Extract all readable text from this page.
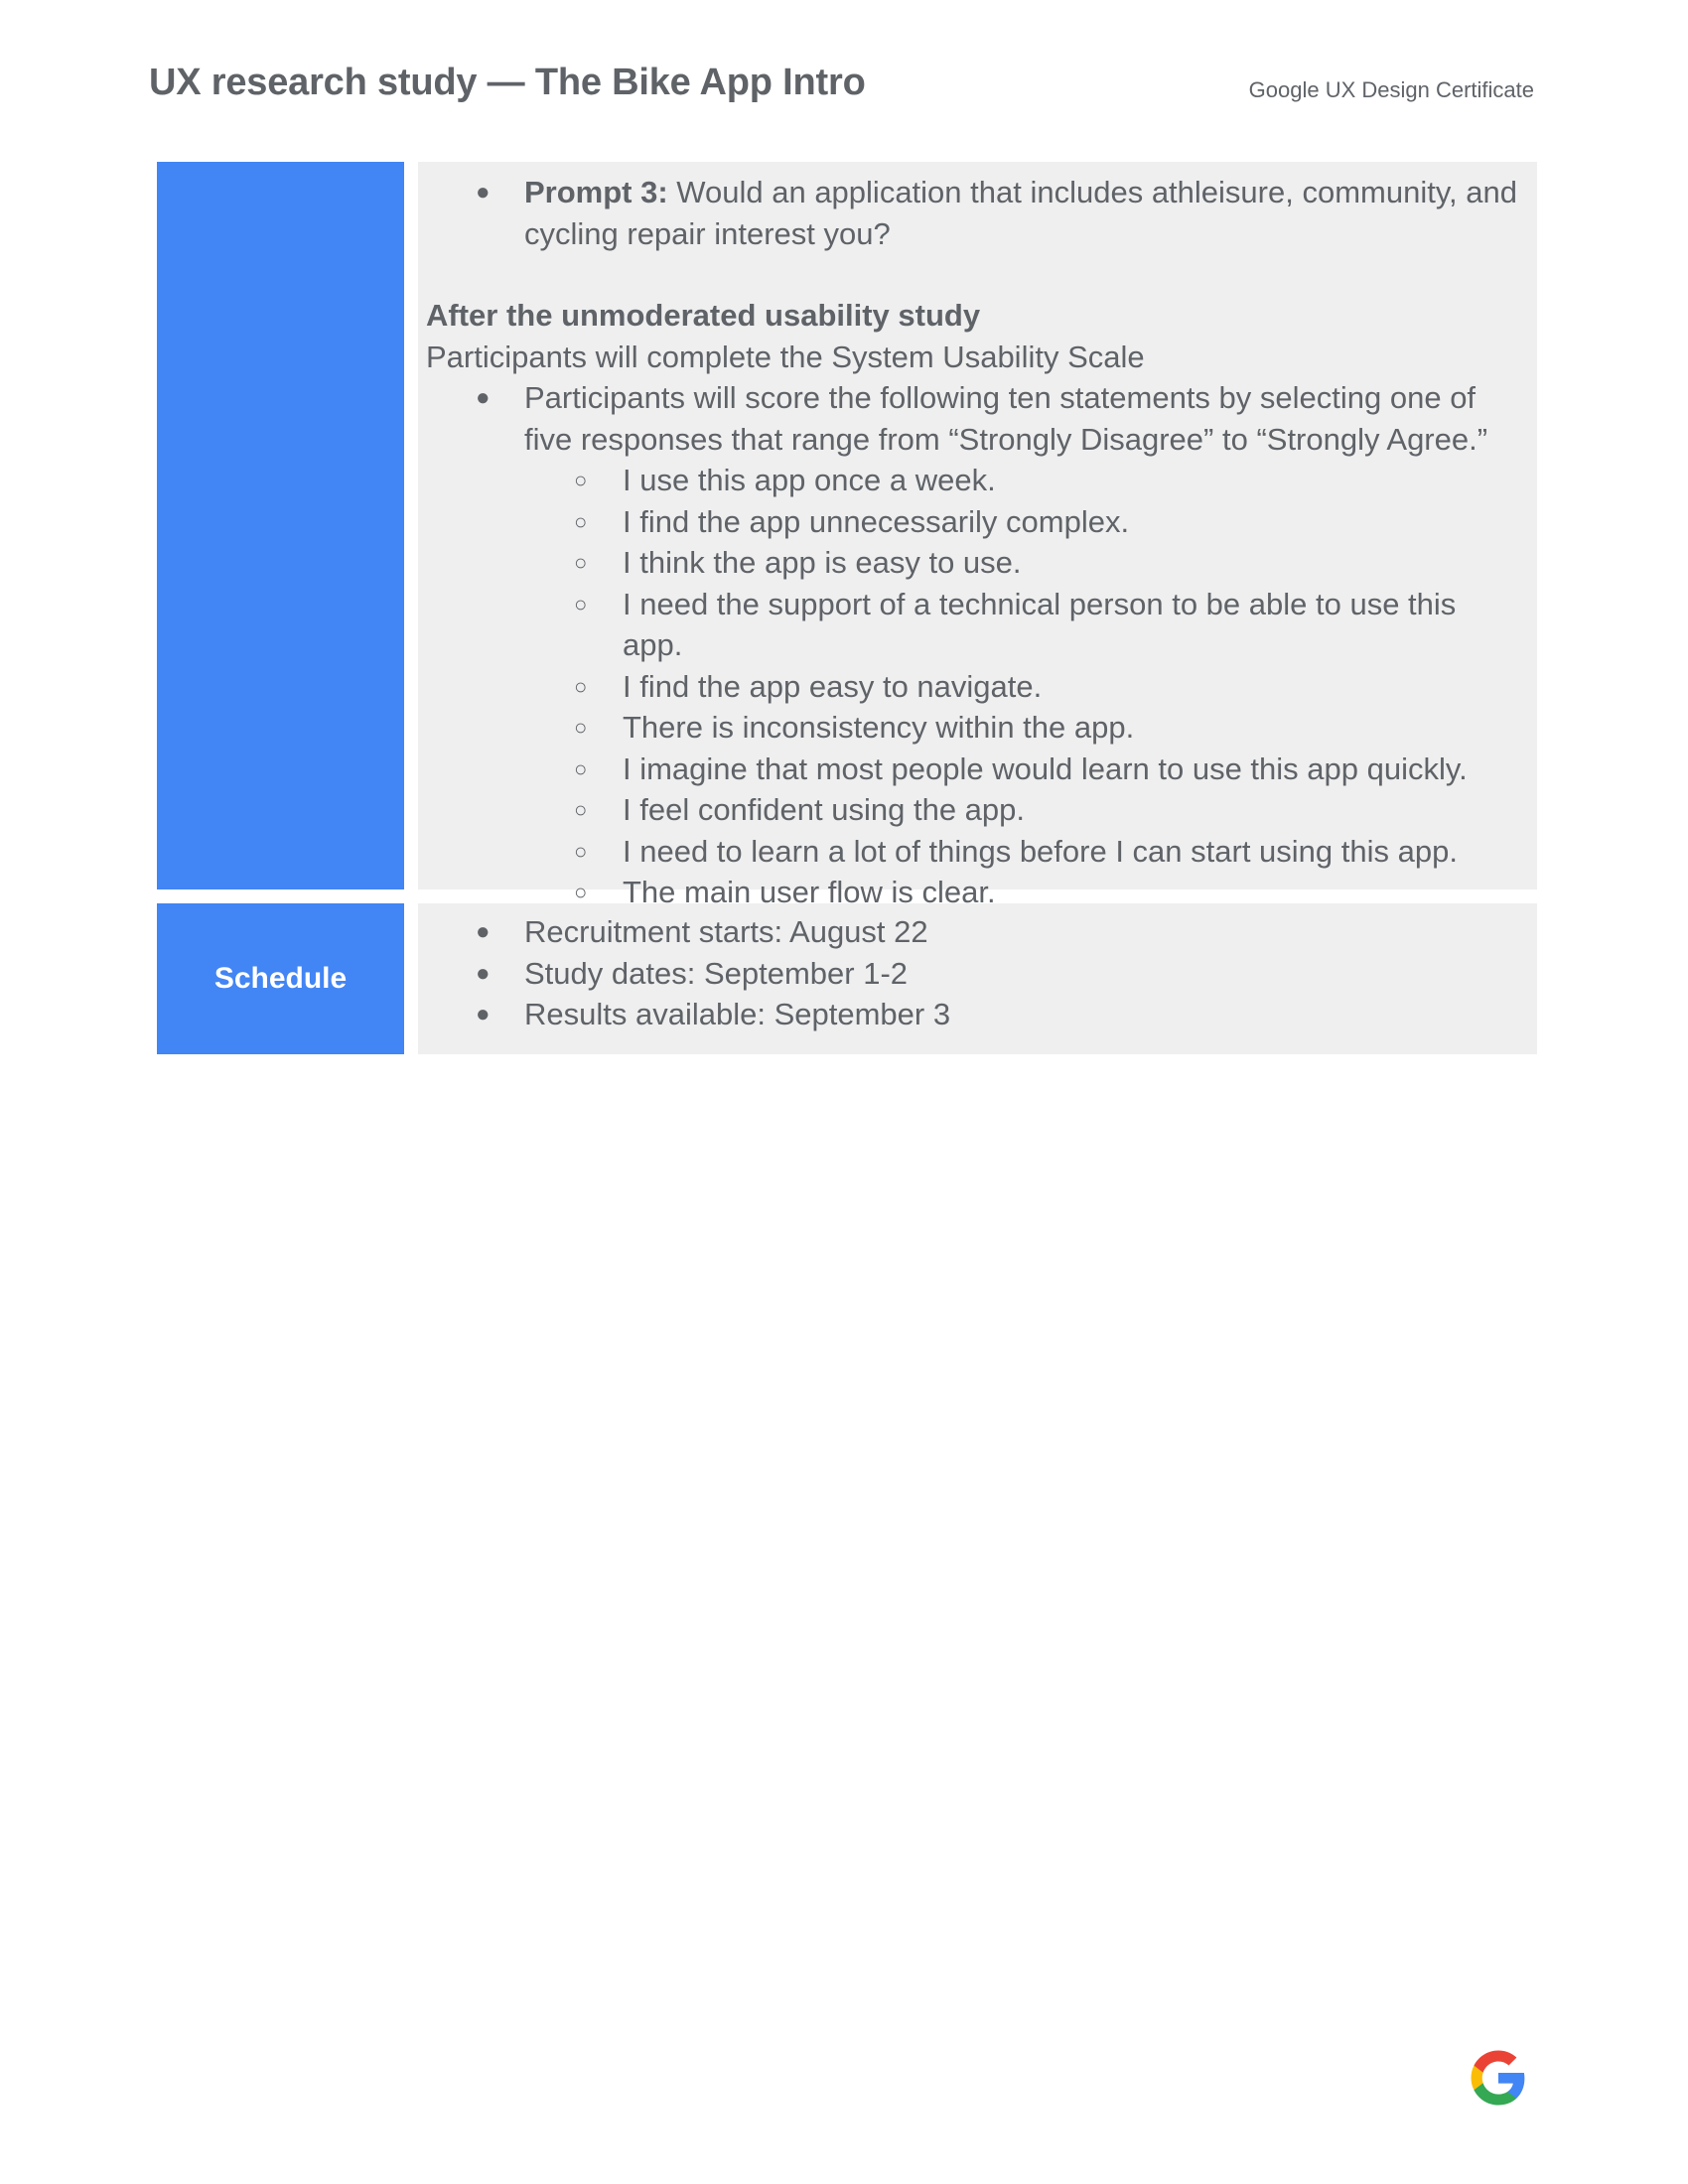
UX research study — The Bike App Intro	Google UX Design Certificate
● Prompt 3: Would an application that includes athleisure, community, and cycling repair interest you?
After the unmoderated usability study
Participants will complete the System Usability Scale
● Participants will score the following ten statements by selecting one of five responses that range from “Strongly Disagree” to “Strongly Agree.”
○ I use this app once a week.
○ I find the app unnecessarily complex.
○ I think the app is easy to use.
○ I need the support of a technical person to be able to use this app.
○ I find the app easy to navigate.
○ There is inconsistency within the app.
○ I imagine that most people would learn to use this app quickly.
○ I feel confident using the app.
○ I need to learn a lot of things before I can start using this app.
○ The main user flow is clear.
Schedule
● Recruitment starts: August 22
● Study dates: September 1-2
● Results available: September 3
